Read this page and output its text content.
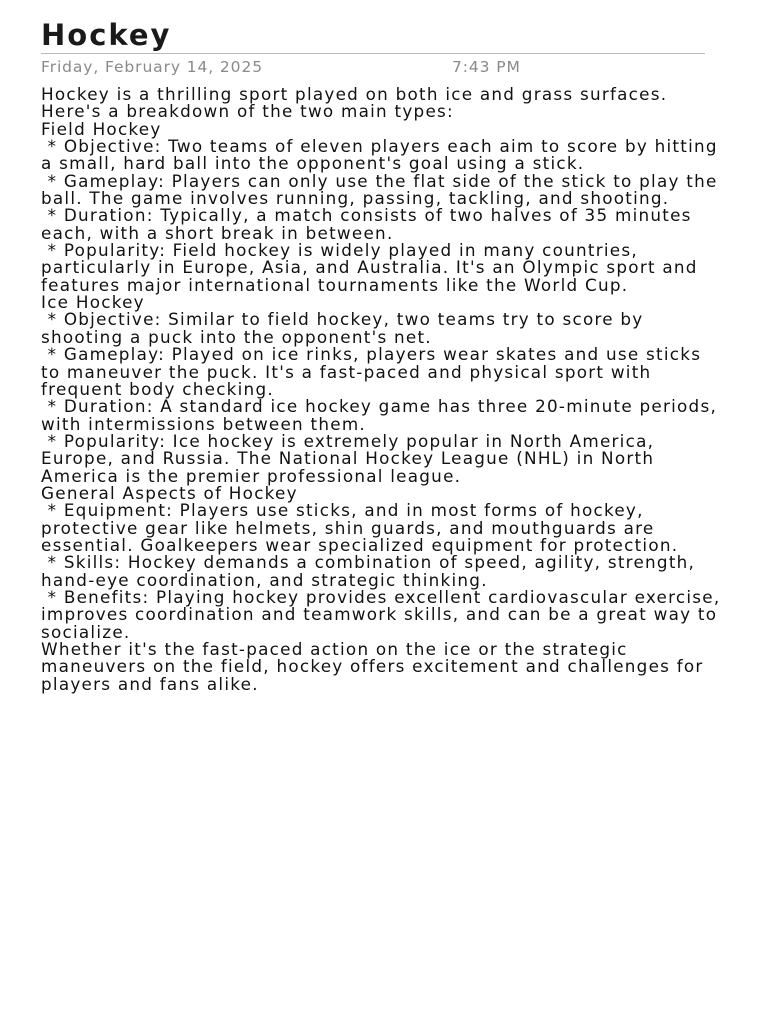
Hockey
Friday, February 14, 2025	7:43 PM

Hockey is a thrilling sport played on both ice and grass surfaces. Here's a breakdown of the two main types:

Field Hockey

* Objective: Two teams of eleven players each aim to score by hitting a small, hard ball into the opponent's goal using a stick.

* Gameplay: Players can only use the flat side of the stick to play the ball. The game involves running, passing, tackling, and shooting.

* Duration: Typically, a match consists of two halves of 35 minutes each, with a short break in between.

* Popularity: Field hockey is widely played in many countries, particularly in Europe, Asia, and Australia. It's an Olympic sport and features major international tournaments like the World Cup.

Ice Hockey

* Objective: Similar to field hockey, two teams try to score by shooting a puck into the opponent's net.

* Gameplay: Played on ice rinks, players wear skates and use sticks to maneuver the puck. It's a fast-paced and physical sport with frequent body checking.

* Duration: A standard ice hockey game has three 20-minute periods, with intermissions between them.

* Popularity: Ice hockey is extremely popular in North America, Europe, and Russia. The National Hockey League (NHL) in North America is the premier professional league.

General Aspects of Hockey

* Equipment: Players use sticks, and in most forms of hockey, protective gear like helmets, shin guards, and mouthguards are essential. Goalkeepers wear specialized equipment for protection.

* Skills: Hockey demands a combination of speed, agility, strength, hand-eye coordination, and strategic thinking.

* Benefits: Playing hockey provides excellent cardiovascular exercise, improves coordination and teamwork skills, and can be a great way to socialize.

Whether it's the fast-paced action on the ice or the strategic maneuvers on the field, hockey offers excitement and challenges for players and fans alike.
